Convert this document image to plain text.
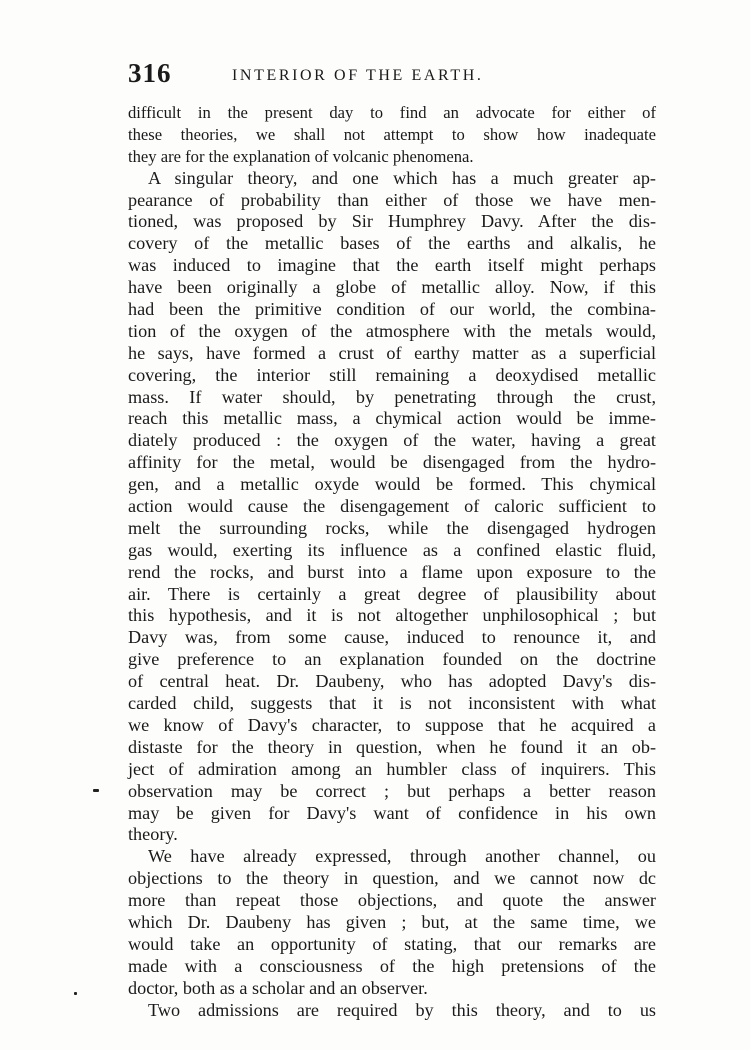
316	INTERIOR OF THE EARTH.
difficult in the present day to find an advocate for either of
these theories, we shall not attempt to show how inadequate
they are for the explanation of volcanic phenomena.
A singular theory, and one which has a much greater ap-
pearance of probability than either of those we have men-
tioned, was proposed by Sir Humphrey Davy. After the dis-
covery of the metallic bases of the earths and alkalis, he
was induced to imagine that the earth itself might perhaps
have been originally a globe of metallic alloy. Now, if this
had been the primitive condition of our world, the combina-
tion of the oxygen of the atmosphere with the metals would,
he says, have formed a crust of earthy matter as a superficial
covering, the interior still remaining a deoxydised metallic
mass. If water should, by penetrating through the crust,
reach this metallic mass, a chymical action would be imme-
diately produced : the oxygen of the water, having a great
affinity for the metal, would be disengaged from the hydro-
gen, and a metallic oxyde would be formed. This chymical
action would cause the disengagement of caloric sufficient to
melt the surrounding rocks, while the disengaged hydrogen
gas would, exerting its influence as a confined elastic fluid,
rend the rocks, and burst into a flame upon exposure to the
air. There is certainly a great degree of plausibility about
this hypothesis, and it is not altogether unphilosophical ; but
Davy was, from some cause, induced to renounce it, and
give preference to an explanation founded on the doctrine
of central heat. Dr. Daubeny, who has adopted Davy's dis-
carded child, suggests that it is not inconsistent with what
we know of Davy's character, to suppose that he acquired a
distaste for the theory in question, when he found it an ob-
ject of admiration among an humbler class of inquirers. This
observation may be correct ; but perhaps a better reason
may be given for Davy's want of confidence in his own
theory.
We have already expressed, through another channel, ou
objections to the theory in question, and we cannot now dc
more than repeat those objections, and quote the answer
which Dr. Daubeny has given ; but, at the same time, we
would take an opportunity of stating, that our remarks are
made with a consciousness of the high pretensions of the
doctor, both as a scholar and an observer.
Two admissions are required by this theory, and to us
